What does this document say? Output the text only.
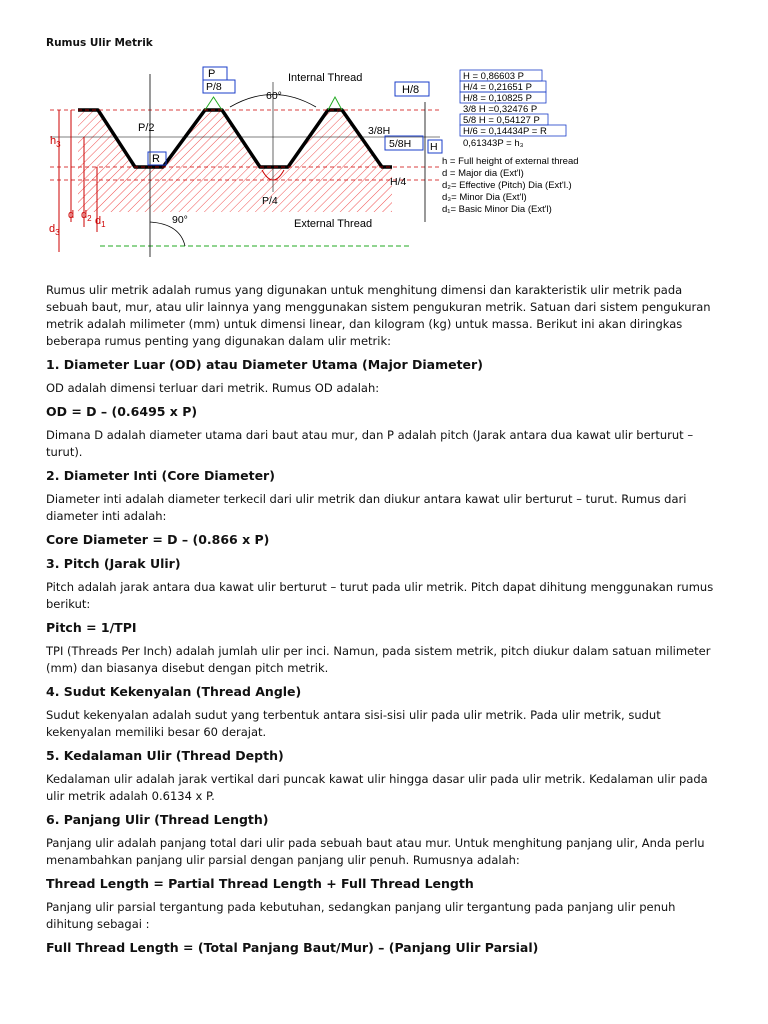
Rumus Ulir Metrik
P
P/8
Internal Thread
60°	H/8
$h_3$
P/2
R
3/8H
5/8H H
H/4
P/4
External Thread
90°
$d_3$
d $d_2$ $d_1$
H = 0,86603 P
H/4 = 0,21651 P
H/8 = 0,10825 P
3/8 H =0,32476 P
5/8 H = 0,54127 P
H/6 = 0,14434P = R
0,61343P = h₃
h = Full height of external thread
d = Major dia (Ext'l)
d₂= Effective (Pitch) Dia (Ext'l.)
d₃= Minor Dia (Ext'l)
d₁= Basic Minor Dia (Ext'l)

Rumus ulir metrik adalah rumus yang digunakan untuk menghitung dimensi dan karakteristik ulir metrik pada sebuah baut, mur, atau ulir lainnya yang menggunakan sistem pengukuran metrik. Satuan dari sistem pengukuran metrik adalah milimeter (mm) untuk dimensi linear, dan kilogram (kg) untuk massa. Berikut ini akan diringkas beberapa rumus penting yang digunakan dalam ulir metrik:

1. Diameter Luar (OD) atau Diameter Utama (Major Diameter)

OD adalah dimensi terluar dari metrik. Rumus OD adalah:

OD = D – (0.6495 x P)

Dimana D adalah diameter utama dari baut atau mur, dan P adalah pitch (Jarak antara dua kawat ulir berturut – turut).

2. Diameter Inti (Core Diameter)

Diameter inti adalah diameter terkecil dari ulir metrik dan diukur antara kawat ulir berturut – turut. Rumus dari diameter inti adalah:

Core Diameter = D – (0.866 x P)

3. Pitch (Jarak Ulir)

Pitch adalah jarak antara dua kawat ulir berturut – turut pada ulir metrik. Pitch dapat dihitung menggunakan rumus berikut:

Pitch = 1/TPI

TPI (Threads Per Inch) adalah jumlah ulir per inci. Namun, pada sistem metrik, pitch diukur dalam satuan milimeter (mm) dan biasanya disebut dengan pitch metrik.

4. Sudut Kekenyalan (Thread Angle)

Sudut kekenyalan adalah sudut yang terbentuk antara sisi-sisi ulir pada ulir metrik. Pada ulir metrik, sudut kekenyalan memiliki besar 60 derajat.

5. Kedalaman Ulir (Thread Depth)

Kedalaman ulir adalah jarak vertikal dari puncak kawat ulir hingga dasar ulir pada ulir metrik. Kedalaman ulir pada ulir metrik adalah 0.6134 x P.

6. Panjang Ulir (Thread Length)

Panjang ulir adalah panjang total dari ulir pada sebuah baut atau mur. Untuk menghitung panjang ulir, Anda perlu menambahkan panjang ulir parsial dengan panjang ulir penuh. Rumusnya adalah:

Thread Length = Partial Thread Length + Full Thread Length

Panjang ulir parsial tergantung pada kebutuhan, sedangkan panjang ulir tergantung pada panjang ulir penuh dihitung sebagai :

Full Thread Length = (Total Panjang Baut/Mur) – (Panjang Ulir Parsial)
